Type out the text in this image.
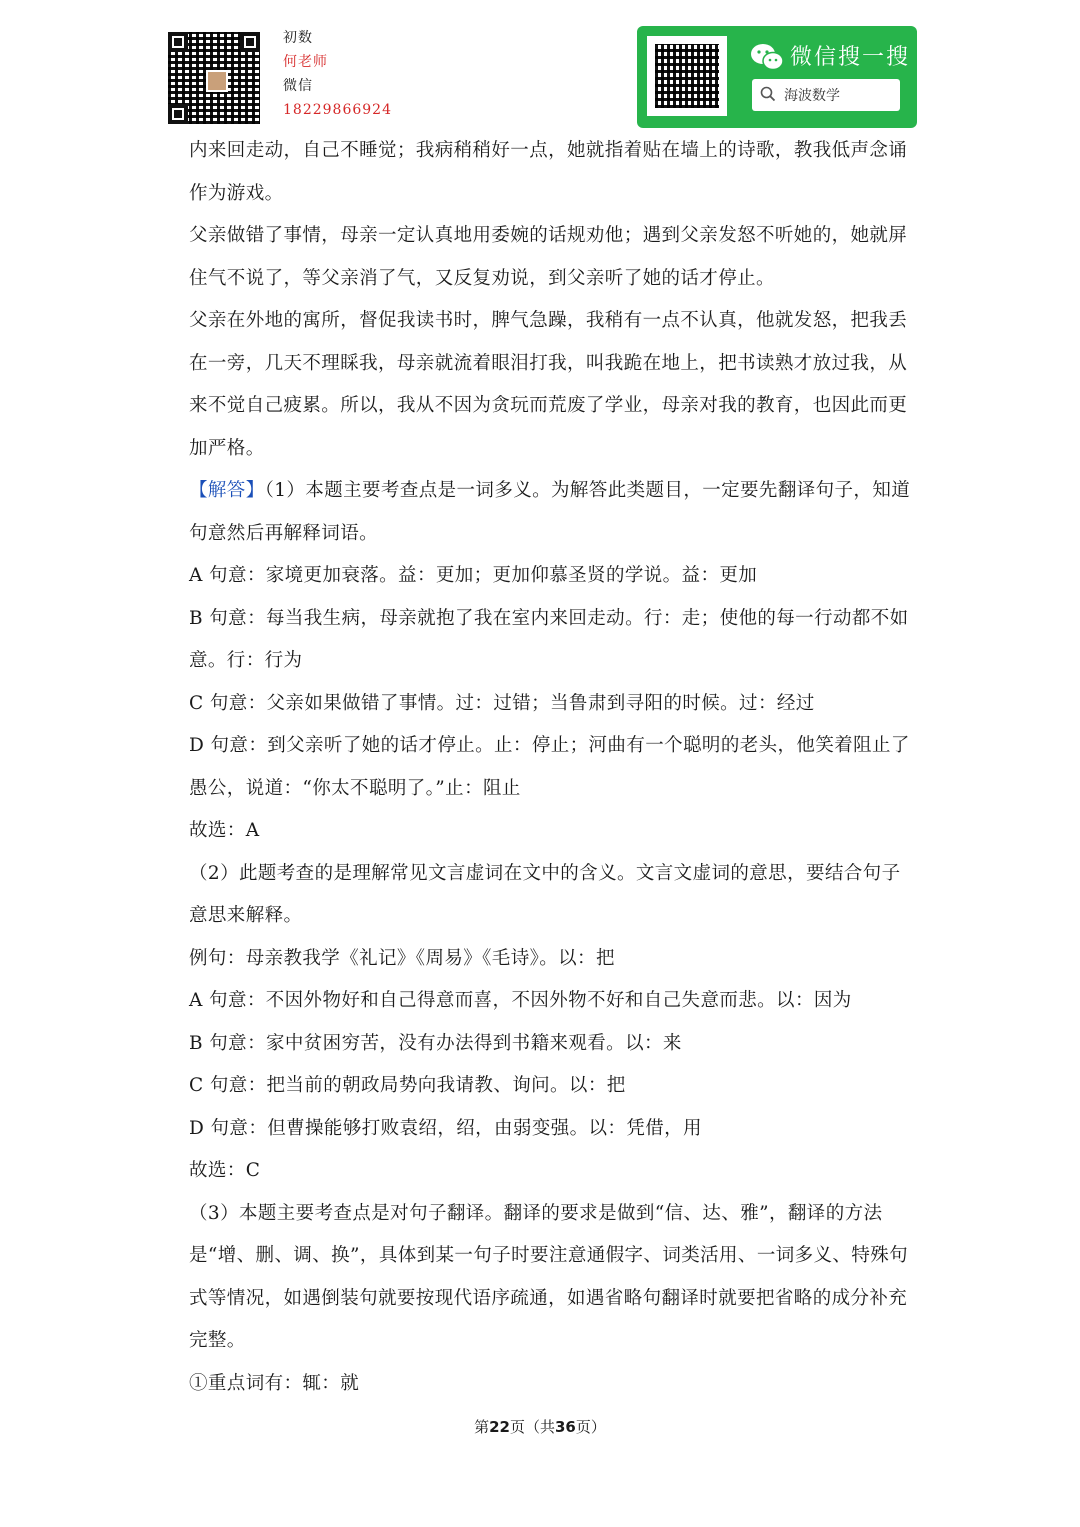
初数
何老师
微信
18229866924
微信搜一搜
海波数学

内来回走动，自己不睡觉；我病稍稍好一点，她就指着贴在墙上的诗歌，教我低声念诵作为游戏。

父亲做错了事情，母亲一定认真地用委婉的话规劝他；遇到父亲发怒不听她的，她就屏住气不说了，等父亲消了气，又反复劝说，到父亲听了她的话才停止。

父亲在外地的寓所，督促我读书时，脾气急躁，我稍有一点不认真，他就发怒，把我丢在一旁，几天不理睬我，母亲就流着眼泪打我，叫我跪在地上，把书读熟才放过我，从来不觉自己疲累。所以，我从不因为贪玩而荒废了学业，母亲对我的教育，也因此而更加严格。

【解答】（1）本题主要考查点是一词多义。为解答此类题目，一定要先翻译句子，知道句意然后再解释词语。

A 句意：家境更加衰落。益：更加；更加仰慕圣贤的学说。益：更加

B 句意：每当我生病，母亲就抱了我在室内来回走动。行：走；使他的每一行动都不如意。行：行为

C 句意：父亲如果做错了事情。过：过错；当鲁肃到寻阳的时候。过：经过

D 句意：到父亲听了她的话才停止。止：停止；河曲有一个聪明的老头，他笑着阻止了愚公，说道：“你太不聪明了。”止：阻止

故选：A

（2）此题考查的是理解常见文言虚词在文中的含义。文言文虚词的意思，要结合句子意思来解释。

例句：母亲教我学《礼记》《周易》《毛诗》。以：把

A 句意：不因外物好和自己得意而喜，不因外物不好和自己失意而悲。以：因为

B 句意：家中贫困穷苦，没有办法得到书籍来观看。以：来

C 句意：把当前的朝政局势向我请教、询问。以：把

D 句意：但曹操能够打败袁绍，绍，由弱变强。以：凭借，用

故选：C

（3）本题主要考查点是对句子翻译。翻译的要求是做到“信、达、雅”，翻译的方法是“增、删、调、换”，具体到某一句子时要注意通假字、词类活用、一词多义、特殊句式等情况，如遇倒装句就要按现代语序疏通，如遇省略句翻译时就要把省略的成分补充完整。

①重点词有：辄：就

第22页（共36页）
